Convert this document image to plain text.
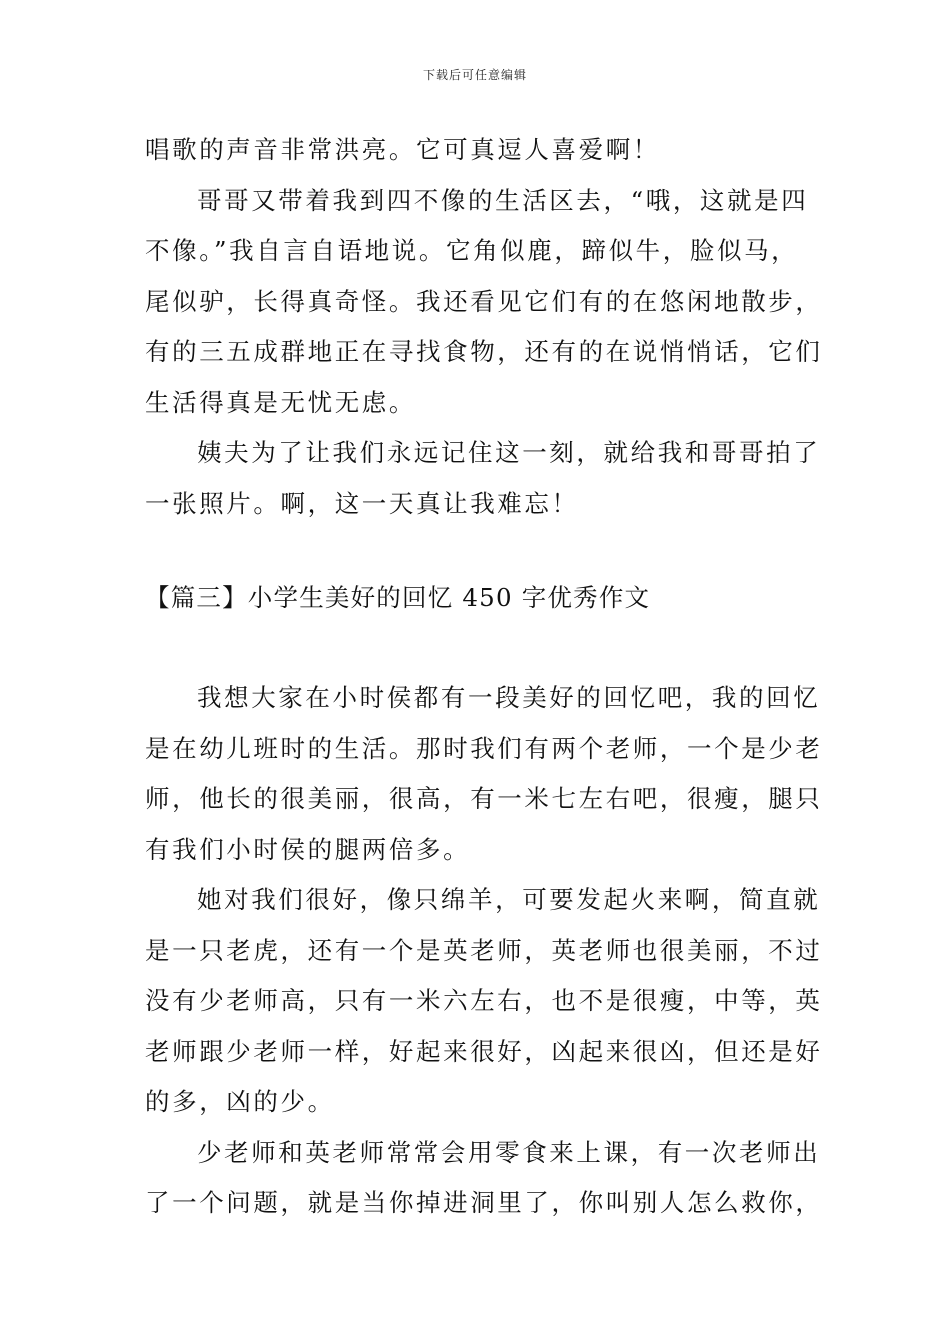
下载后可任意编辑
唱歌的声音非常洪亮。它可真逗人喜爱啊！
哥哥又带着我到四不像的生活区去，“哦，这就是四
不像。”我自言自语地说。它角似鹿，蹄似牛，脸似马，
尾似驴，长得真奇怪。我还看见它们有的在悠闲地散步，
有的三五成群地正在寻找食物，还有的在说悄悄话，它们
生活得真是无忧无虑。
姨夫为了让我们永远记住这一刻，就给我和哥哥拍了
一张照片。啊，这一天真让我难忘！
【篇三】小学生美好的回忆 450 字优秀作文
我想大家在小时侯都有一段美好的回忆吧，我的回忆
是在幼儿班时的生活。那时我们有两个老师，一个是少老
师，他长的很美丽，很高，有一米七左右吧，很瘦，腿只
有我们小时侯的腿两倍多。
她对我们很好，像只绵羊，可要发起火来啊，简直就
是一只老虎，还有一个是英老师，英老师也很美丽，不过
没有少老师高，只有一米六左右，也不是很瘦，中等，英
老师跟少老师一样，好起来很好，凶起来很凶，但还是好
的多，凶的少。
少老师和英老师常常会用零食来上课，有一次老师出
了一个问题，就是当你掉进洞里了，你叫别人怎么救你，
